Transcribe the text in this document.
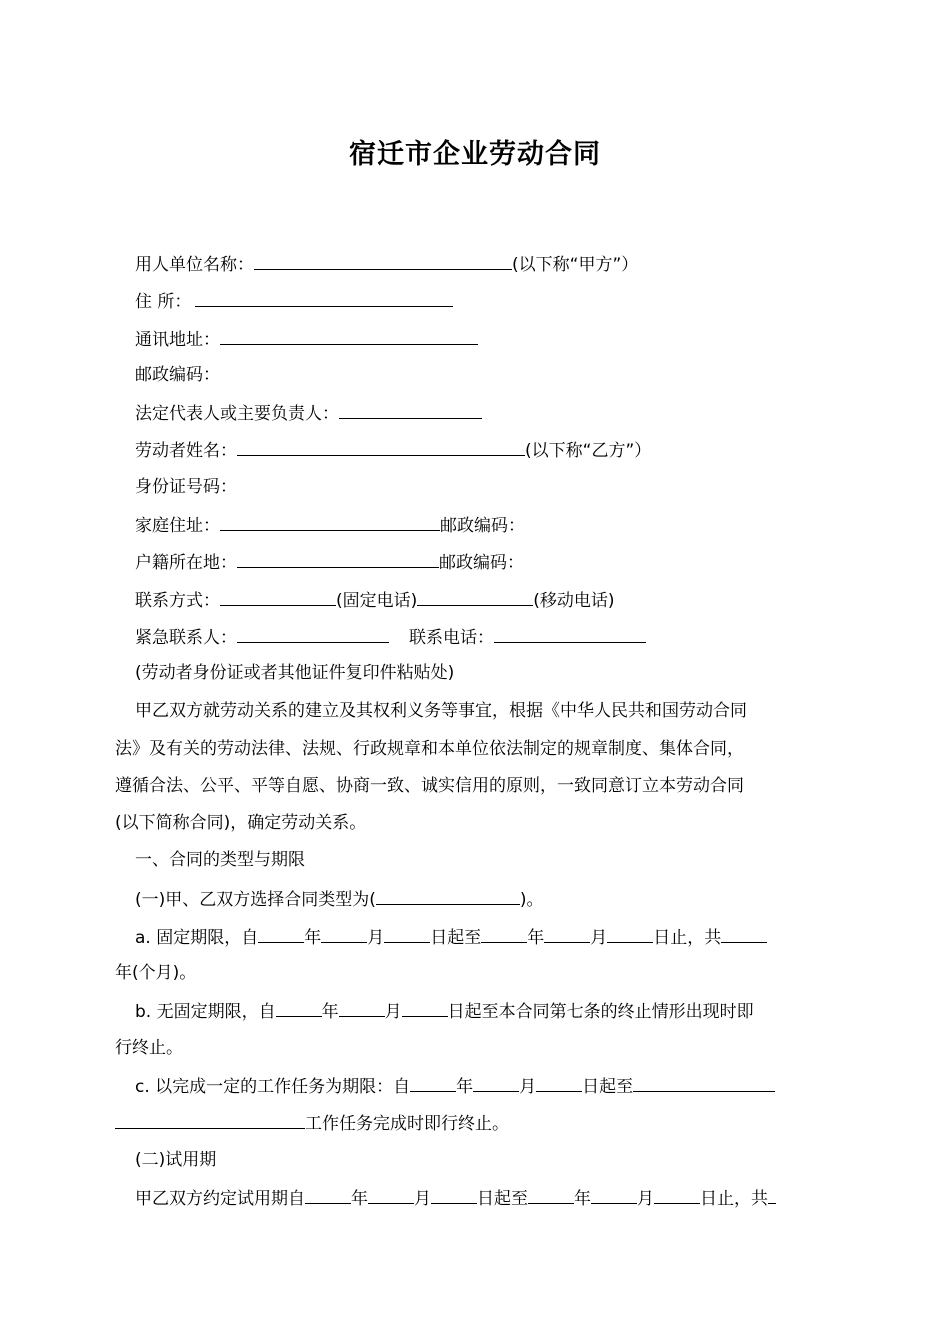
宿迁市企业劳动合同
用人单位名称：	(以下称“甲方”）
住 所：
通讯地址：
邮政编码：
法定代表人或主要负责人：
劳动者姓名：	(以下称“乙方”）
身份证号码：
家庭住址：	邮政编码：
户籍所在地：	邮政编码：
联系方式：	(固定电话)	(移动电话)
紧急联系人：	联系电话：
(劳动者身份证或者其他证件复印件粘贴处)
甲乙双方就劳动关系的建立及其权利义务等事宜，根据《中华人民共和国劳动合同
法》及有关的劳动法律、法规、行政规章和本单位依法制定的规章制度、集体合同，
遵循合法、公平、平等自愿、协商一致、诚实信用的原则，一致同意订立本劳动合同
(以下简称合同)，确定劳动关系。
一、合同的类型与期限
(一)甲、乙双方选择合同类型为(	)。
a. 固定期限，自	年	月	日起至	年	月	日止，共
年(个月)。
b. 无固定期限，自	年	月	日起至本合同第七条的终止情形出现时即
行终止。
c. 以完成一定的工作任务为期限：自	年	月	日起至
工作任务完成时即行终止。
(二)试用期
甲乙双方约定试用期自	年	月	日起至	年	月	日止，共
